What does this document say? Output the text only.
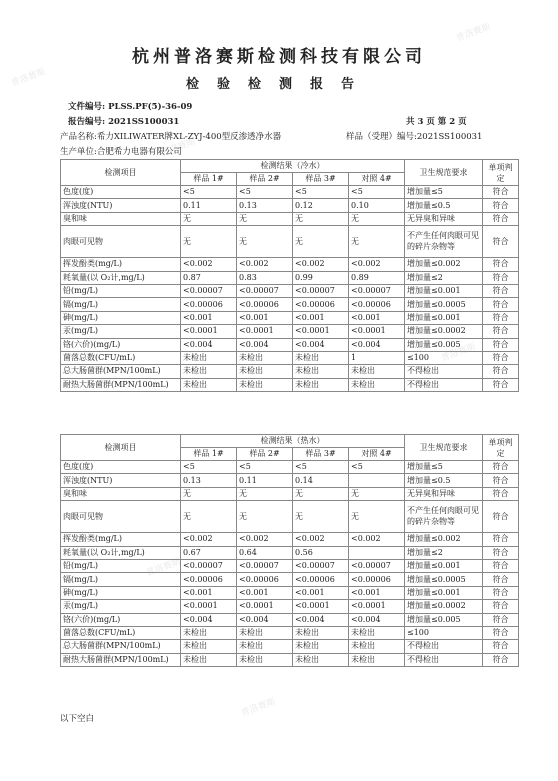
普洛赛斯
普洛赛斯
普洛赛斯
普洛赛斯
普洛赛斯
普洛赛斯
杭州普洛赛斯检测科技有限公司
检验检测报告
文件编号: PLSS.PF(5)-36-09
报告编号: 2021SS100031	共 3 页 第 2 页
产品名称:希力XILIWATER牌XL-ZYJ-400型反渗透净水器	样品（受理）编号:2021SS100031
生产单位:合肥希力电器有限公司
检测项目	检测结果（冷水）				卫生规范要求	单项判定
	样品 1#	样品 2#	样品 3#	对照 4#		
色度(度)	<5	<5	<5	<5	增加量≤5	符合
浑浊度(NTU)	0.11	0.13	0.12	0.10	增加量≤0.5	符合
臭和味	无	无	无	无	无异臭和异味	符合
肉眼可见物	无	无	无	无	不产生任何肉眼可见的碎片杂物等	符合
挥发酚类(mg/L)	<0.002	<0.002	<0.002	<0.002	增加量≤0.002	符合
耗氧量(以 O₂计,mg/L)	0.87	0.83	0.99	0.89	增加量≤2	符合
铅(mg/L)	<0.00007	<0.00007	<0.00007	<0.00007	增加量≤0.001	符合
镉(mg/L)	<0.00006	<0.00006	<0.00006	<0.00006	增加量≤0.0005	符合
砷(mg/L)	<0.001	<0.001	<0.001	<0.001	增加量≤0.001	符合
汞(mg/L)	<0.0001	<0.0001	<0.0001	<0.0001	增加量≤0.0002	符合
铬(六价)(mg/L)	<0.004	<0.004	<0.004	<0.004	增加量≤0.005	符合
菌落总数(CFU/mL)	未检出	未检出	未检出	1	≤100	符合
总大肠菌群(MPN/100mL)	未检出	未检出	未检出	未检出	不得检出	符合
耐热大肠菌群(MPN/100mL)	未检出	未检出	未检出	未检出	不得检出	符合
检测项目	检测结果（热水）				卫生规范要求	单项判定
	样品 1#	样品 2#	样品 3#	对照 4#		
色度(度)	<5	<5	<5	<5	增加量≤5	符合
浑浊度(NTU)	0.13	0.11	0.14		增加量≤0.5	符合
臭和味	无	无	无	无	无异臭和异味	符合
肉眼可见物	无	无	无	无	不产生任何肉眼可见的碎片杂物等	符合
挥发酚类(mg/L)	<0.002	<0.002	<0.002	<0.002	增加量≤0.002	符合
耗氧量(以 O₂计,mg/L)	0.67	0.64	0.56		增加量≤2	符合
铅(mg/L)	<0.00007	<0.00007	<0.00007	<0.00007	增加量≤0.001	符合
镉(mg/L)	<0.00006	<0.00006	<0.00006	<0.00006	增加量≤0.0005	符合
砷(mg/L)	<0.001	<0.001	<0.001	<0.001	增加量≤0.001	符合
汞(mg/L)	<0.0001	<0.0001	<0.0001	<0.0001	增加量≤0.0002	符合
铬(六价)(mg/L)	<0.004	<0.004	<0.004	<0.004	增加量≤0.005	符合
菌落总数(CFU/mL)	未检出	未检出	未检出	未检出	≤100	符合
总大肠菌群(MPN/100mL)	未检出	未检出	未检出	未检出	不得检出	符合
耐热大肠菌群(MPN/100mL)	未检出	未检出	未检出	未检出	不得检出	符合
以下空白
